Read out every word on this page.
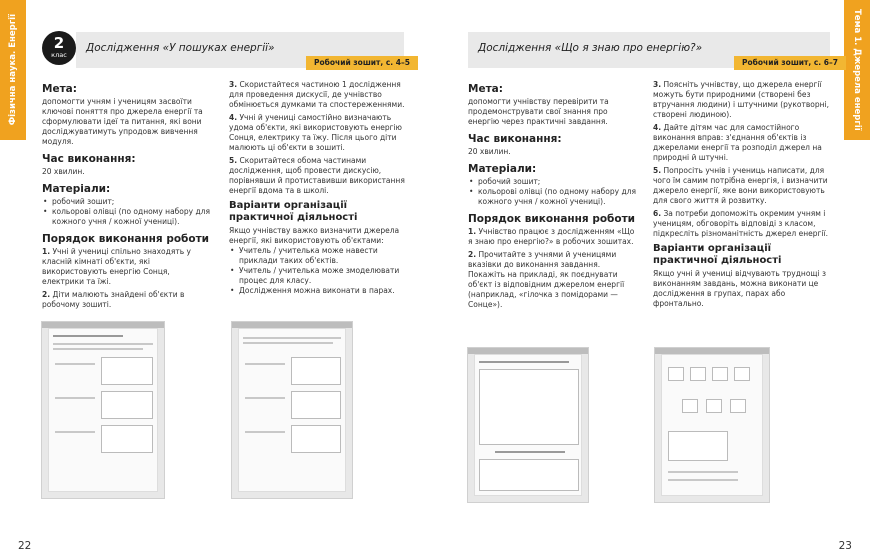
Фізична наука. Енергії	Дослідження «У пошуках енергії»
2
клас
Робочий зошит, с. 4–5
Мета:
допомогти учням і ученицям засвоїти ключові поняття про джерела енергії та сформулювати ідеї та питання, які вони досліджуватимуть упродовж вивчення модуля.
Час виконання:
20 хвилин.
Матеріали:
• робочий зошит;
• кольорові олівці (по одному набору для кожного учня / кожної учениці).
Порядок виконання роботи
1. Учні й учениці спільно знаходять у класній кімнаті об'єкти, які використовують енергію Сонця, електрики та їжі.
2. Діти малюють знайдені об'єкти в робочому зошиті.
3. Скористайтеся частиною 1 дослідження для проведення дискусії, де учнівство обмінюється думками та спостереженнями.
4. Учні й учениці самостійно визначають удома об'єкти, які використовують енергію Сонця, електрику та їжу. Після цього діти малюють ці об'єкти в зошиті.
5. Скоритайтеся обома частинами дослідження, щоб провести дискусію, порівнявши й протиставивши використання енергії вдома та в школі.
Варіанти організації практичної діяльності
Якщо учнівству важко визначити джерела енергії, які використовують об'єктами:
• Учитель / учителька може навести приклади таких об'єктів.
• Учитель / учителька може змоделювати процес для класу.
• Дослідження можна виконати в парах.
22
Тема 1. Джерела енергії
Дослідження «Що я знаю про енергію?»
Робочий зошит, с. 6–7
Мета:
допомогти учнівству перевірити та продемонструвати свої знання про енергію через практичні завдання.
Час виконання:
20 хвилин.
Матеріали:
• робочий зошит;
• кольорові олівці (по одному набору для кожного учня / кожної учениці).
Порядок виконання роботи
1. Учнівство працює з дослідженням «Що я знаю про енергію?» в робочих зошитах.
2. Прочитайте з учнями й ученицями вказівки до виконання завдання. Покажіть на прикладі, як поєднувати об'єкт із відповідним джерелом енергії (наприклад, «гілочка з помідорами — Сонце»).
3. Поясніть учнівству, що джерела енергії можуть бути природними (створені без втручання людини) і штучними (рукотворні, створені людиною).
4. Дайте дітям час для самостійного виконання вправ: з'єднання об'єктів із джерелами енергії та розподіл джерел на природні й штучні.
5. Попросіть учнів і учениць написати, для чого їм самим потрібна енергія, і визначити джерело енергії, яке вони використовують для свого життя й розвитку.
6. За потреби допоможіть окремим учням і ученицям, обговоріть відповіді з класом, підкресліть різноманітність джерел енергії.
Варіанти організації практичної діяльності
Якщо учні й учениці відчувають труднощі з виконанням завдань, можна виконати це дослідження в групах, парах або фронтально.
23
